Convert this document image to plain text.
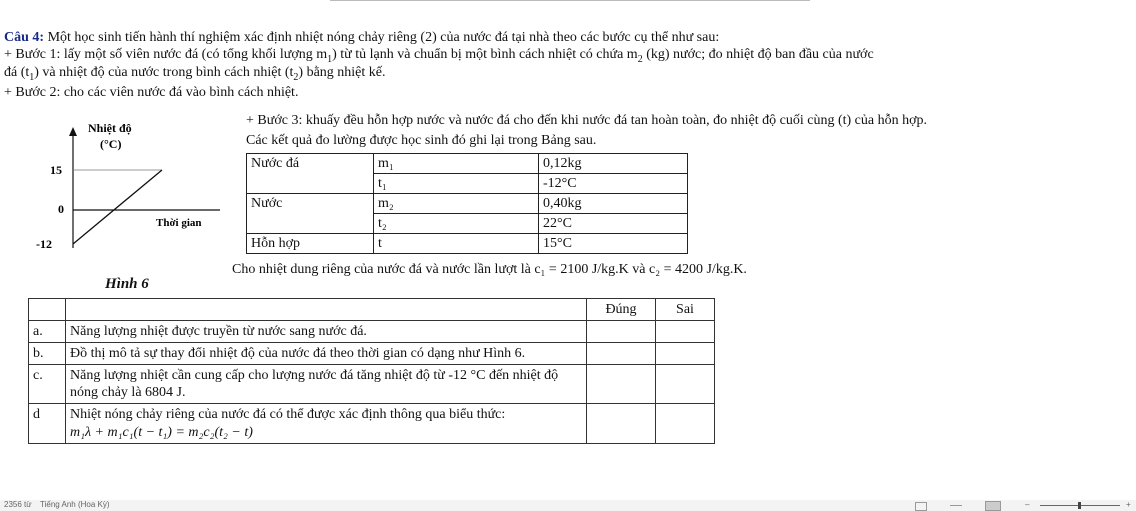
Câu 4: Một học sinh tiến hành thí nghiệm xác định nhiệt nóng chảy riêng (2) của nước đá tại nhà theo các bước cụ thể như sau:
+ Bước 1: lấy một số viên nước đá (có tổng khối lượng $m_1$) từ tủ lạnh và chuẩn bị một bình cách nhiệt có chứa $m_2$ (kg) nước; đo nhiệt độ ban đầu của nước
đá $(t_1)$ và nhiệt độ của nước trong bình cách nhiệt $(t_2)$ bằng nhiệt kế.
+ Bước 2: cho các viên nước đá vào bình cách nhiệt.
+ Bước 3: khuấy đều hỗn hợp nước và nước đá cho đến khi nước đá tan hoàn toàn, đo nhiệt độ cuối cùng (t) của hỗn hợp.
Các kết quả đo lường được học sinh đó ghi lại trong Bảng sau.
Nhiệt độ
(°C)
15
0
-12
Thời gian
Hình 6
Nước đá	m₁	0,12kg
	t₁	-12°C
Nước	m₂	0,40kg
	t₂	22°C
Hỗn hợp	t	15°C
Cho nhiệt dung riêng của nước đá và nước lần lượt là c₁ = 2100 J/kg.K và c₂ = 4200 J/kg.K.
		Đúng	Sai
a.	Năng lượng nhiệt được truyền từ nước sang nước đá.		
b.	Đồ thị mô tả sự thay đổi nhiệt độ của nước đá theo thời gian có dạng như Hình 6.		
c.	Năng lượng nhiệt cần cung cấp cho lượng nước đá tăng nhiệt độ từ -12 °C đến nhiệt độ nóng chảy là 6804 J.		
d	Nhiệt nóng chảy riêng của nước đá có thể được xác định thông qua biểu thức:
m₁λ + m₁c₁(t − t₁) = m₂c₂(t₂ − t)		

2356 từ Tiếng Anh (Hoa Kỳ)	–	+
